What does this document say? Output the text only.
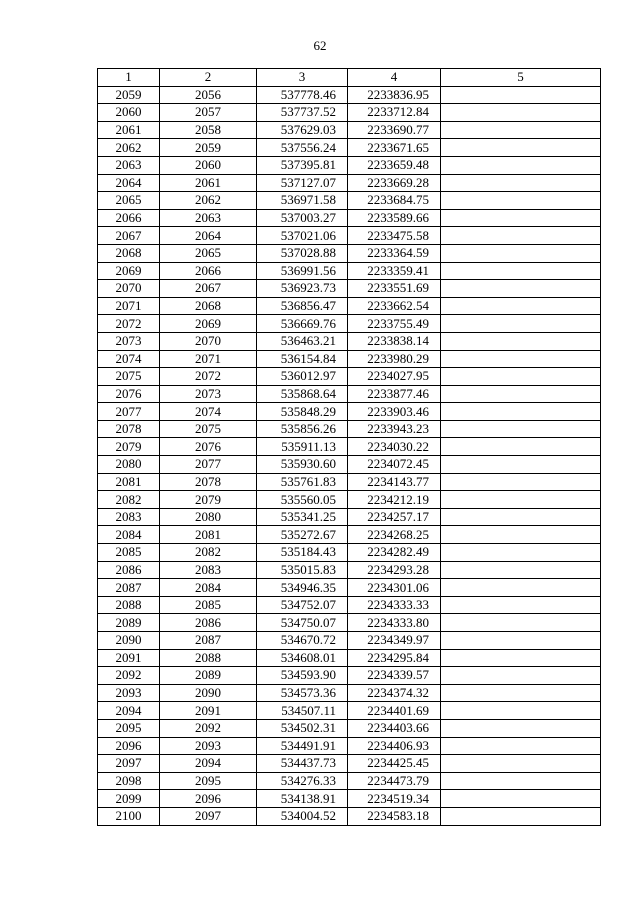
62
1	2	3	4	5
2059	2056	537778.46	2233836.95	
2060	2057	537737.52	2233712.84	
2061	2058	537629.03	2233690.77	
2062	2059	537556.24	2233671.65	
2063	2060	537395.81	2233659.48	
2064	2061	537127.07	2233669.28	
2065	2062	536971.58	2233684.75	
2066	2063	537003.27	2233589.66	
2067	2064	537021.06	2233475.58	
2068	2065	537028.88	2233364.59	
2069	2066	536991.56	2233359.41	
2070	2067	536923.73	2233551.69	
2071	2068	536856.47	2233662.54	
2072	2069	536669.76	2233755.49	
2073	2070	536463.21	2233838.14	
2074	2071	536154.84	2233980.29	
2075	2072	536012.97	2234027.95	
2076	2073	535868.64	2233877.46	
2077	2074	535848.29	2233903.46	
2078	2075	535856.26	2233943.23	
2079	2076	535911.13	2234030.22	
2080	2077	535930.60	2234072.45	
2081	2078	535761.83	2234143.77	
2082	2079	535560.05	2234212.19	
2083	2080	535341.25	2234257.17	
2084	2081	535272.67	2234268.25	
2085	2082	535184.43	2234282.49	
2086	2083	535015.83	2234293.28	
2087	2084	534946.35	2234301.06	
2088	2085	534752.07	2234333.33	
2089	2086	534750.07	2234333.80	
2090	2087	534670.72	2234349.97	
2091	2088	534608.01	2234295.84	
2092	2089	534593.90	2234339.57	
2093	2090	534573.36	2234374.32	
2094	2091	534507.11	2234401.69	
2095	2092	534502.31	2234403.66	
2096	2093	534491.91	2234406.93	
2097	2094	534437.73	2234425.45	
2098	2095	534276.33	2234473.79	
2099	2096	534138.91	2234519.34	
2100	2097	534004.52	2234583.18	
